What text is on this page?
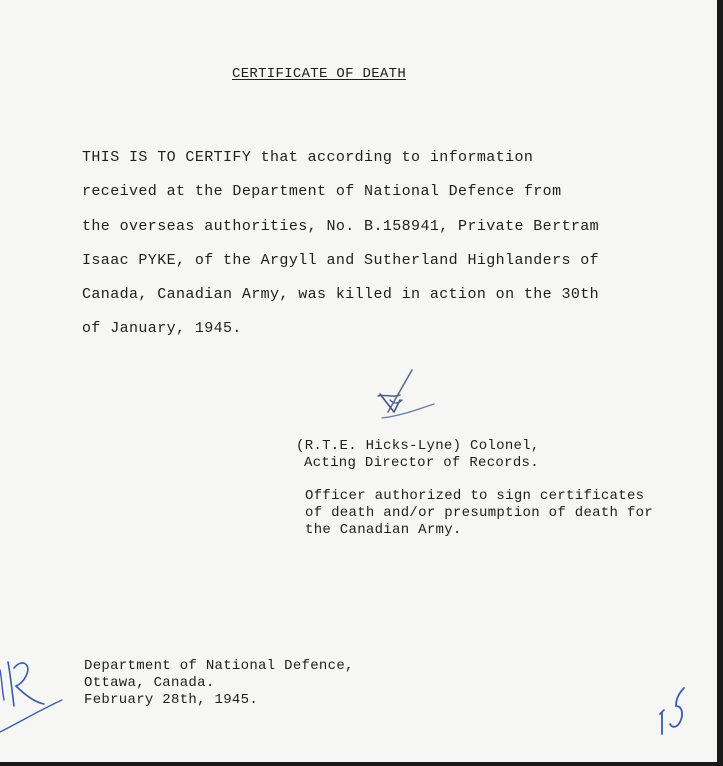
CERTIFICATE OF DEATH
THIS IS TO CERTIFY that according to information
received at the Department of National Defence from
the overseas authorities, No. B.158941, Private Bertram
Isaac PYKE, of the Argyll and Sutherland Highlanders of
Canada, Canadian Army, was killed in action on the 30th
of January, 1945.
(R.T.E. Hicks-Lyne) Colonel,
Acting Director of Records.
Officer authorized to sign certificates
of death and/or presumption of death for
the Canadian Army.
Department of National Defence,
Ottawa, Canada.
February 28th, 1945.
